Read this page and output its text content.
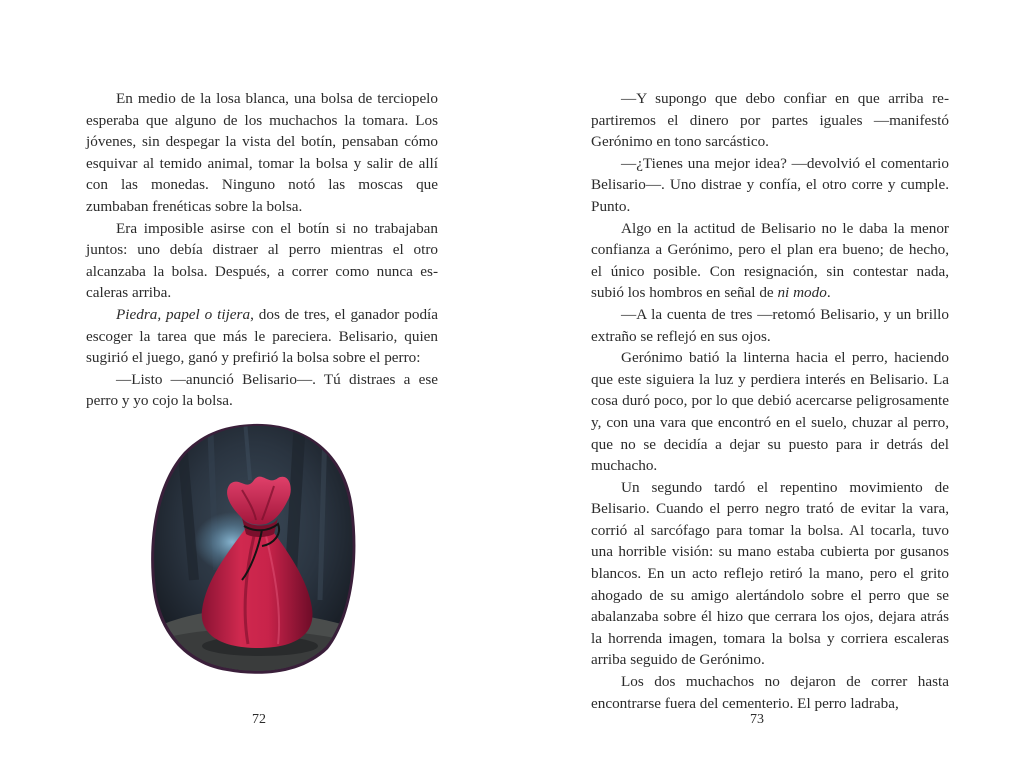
En medio de la losa blanca, una bolsa de terciopelo esperaba que alguno de los muchachos la tomara. Los jóvenes, sin despegar la vista del botín, pensaban cómo esquivar al temido animal, tomar la bolsa y salir de allí con las monedas. Ninguno notó las moscas que zumbaban frenéticas sobre la bolsa.

Era imposible asirse con el botín si no trabajaban juntos: uno debía distraer al perro mientras el otro alcanzaba la bolsa. Después, a correr como nunca escaleras arriba.

Piedra, papel o tijera, dos de tres, el ganador podía escoger la tarea que más le pareciera. Belisario, quien sugirió el juego, ganó y prefirió la bolsa sobre el perro:

—Listo —anunció Belisario—. Tú distraes a ese perro y yo cojo la bolsa.

72

—Y supongo que debo confiar en que arriba repartiremos el dinero por partes iguales —manifestó Gerónimo en tono sarcástico.

—¿Tienes una mejor idea? —devolvió el comentario Belisario—. Uno distrae y confía, el otro corre y cumple. Punto.

Algo en la actitud de Belisario no le daba la menor confianza a Gerónimo, pero el plan era bueno; de hecho, el único posible. Con resignación, sin contestar nada, subió los hombros en señal de ni modo.

—A la cuenta de tres —retomó Belisario, y un brillo extraño se reflejó en sus ojos.

Gerónimo batió la linterna hacia el perro, haciendo que este siguiera la luz y perdiera interés en Belisario. La cosa duró poco, por lo que debió acercarse peligrosamente y, con una vara que encontró en el suelo, chuzar al perro, que no se decidía a dejar su puesto para ir detrás del muchacho.

Un segundo tardó el repentino movimiento de Belisario. Cuando el perro negro trató de evitar la vara, corrió al sarcófago para tomar la bolsa. Al tocarla, tuvo una horrible visión: su mano estaba cubierta por gusanos blancos. En un acto reflejo retiró la mano, pero el grito ahogado de su amigo alertándolo sobre el perro que se abalanzaba sobre él hizo que cerrara los ojos, dejara atrás la horrenda imagen, tomara la bolsa y corriera escaleras arriba seguido de Gerónimo.

Los dos muchachos no dejaron de correr hasta encontrarse fuera del cementerio. El perro ladraba,

73
